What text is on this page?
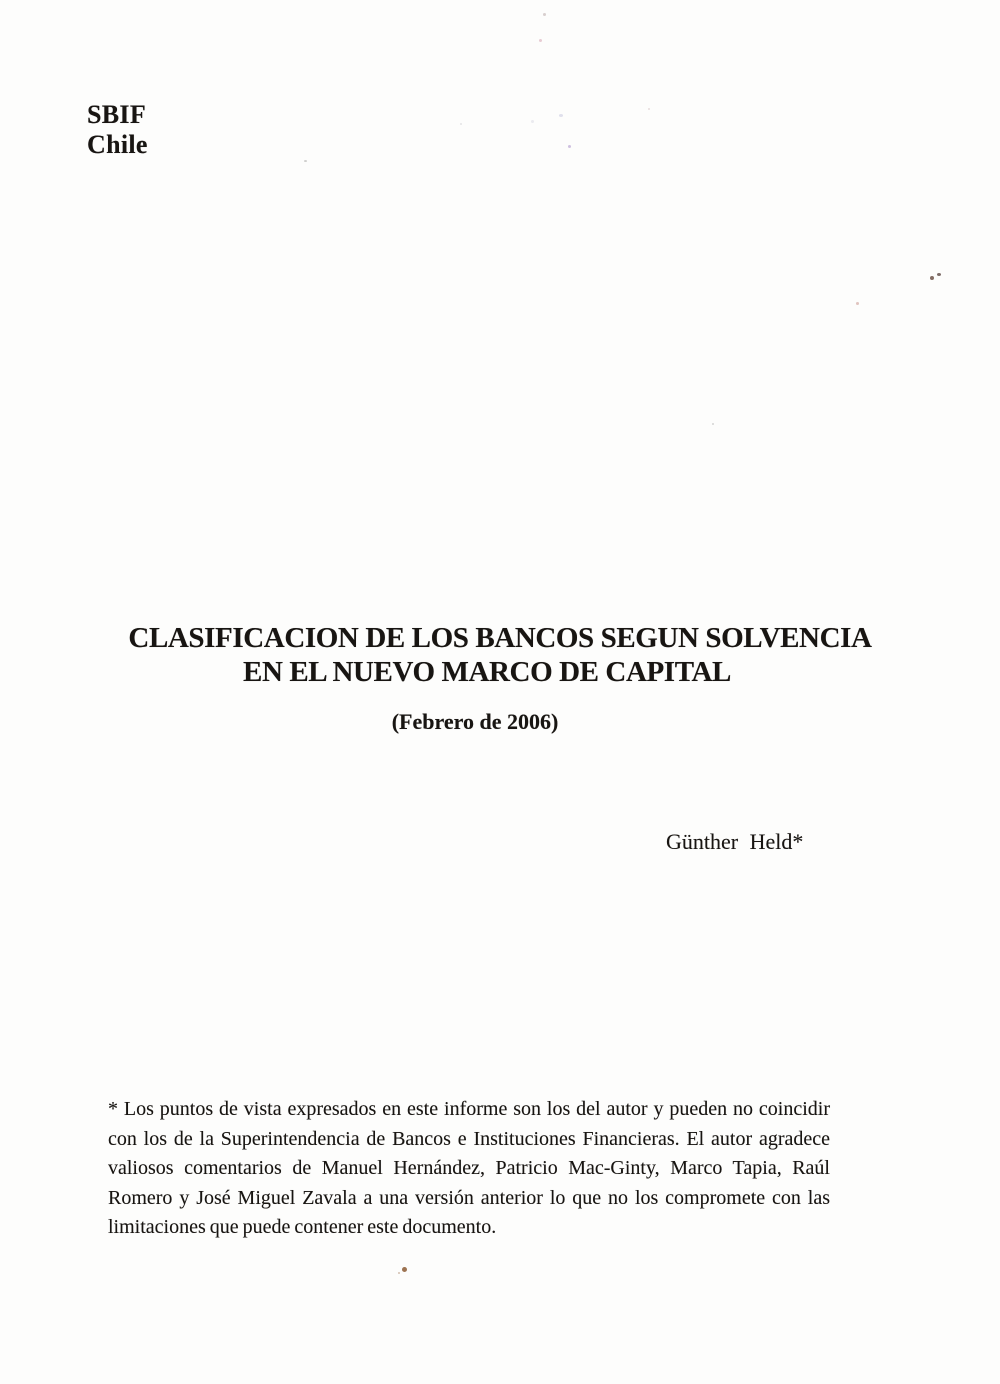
SBIF
Chile
CLASIFICACION DE LOS BANCOS SEGUN SOLVENCIA
EN EL NUEVO MARCO DE CAPITAL
(Febrero de 2006)
Günther Held*
* Los puntos de vista expresados en este informe son los del autor y pueden no coincidir
con los de la Superintendencia de Bancos e Instituciones Financieras. El autor agradece
valiosos comentarios de Manuel Hernández, Patricio Mac-Ginty, Marco Tapia, Raúl
Romero y José Miguel Zavala a una versión anterior lo que no los compromete con las
limitaciones que puede contener este documento.
